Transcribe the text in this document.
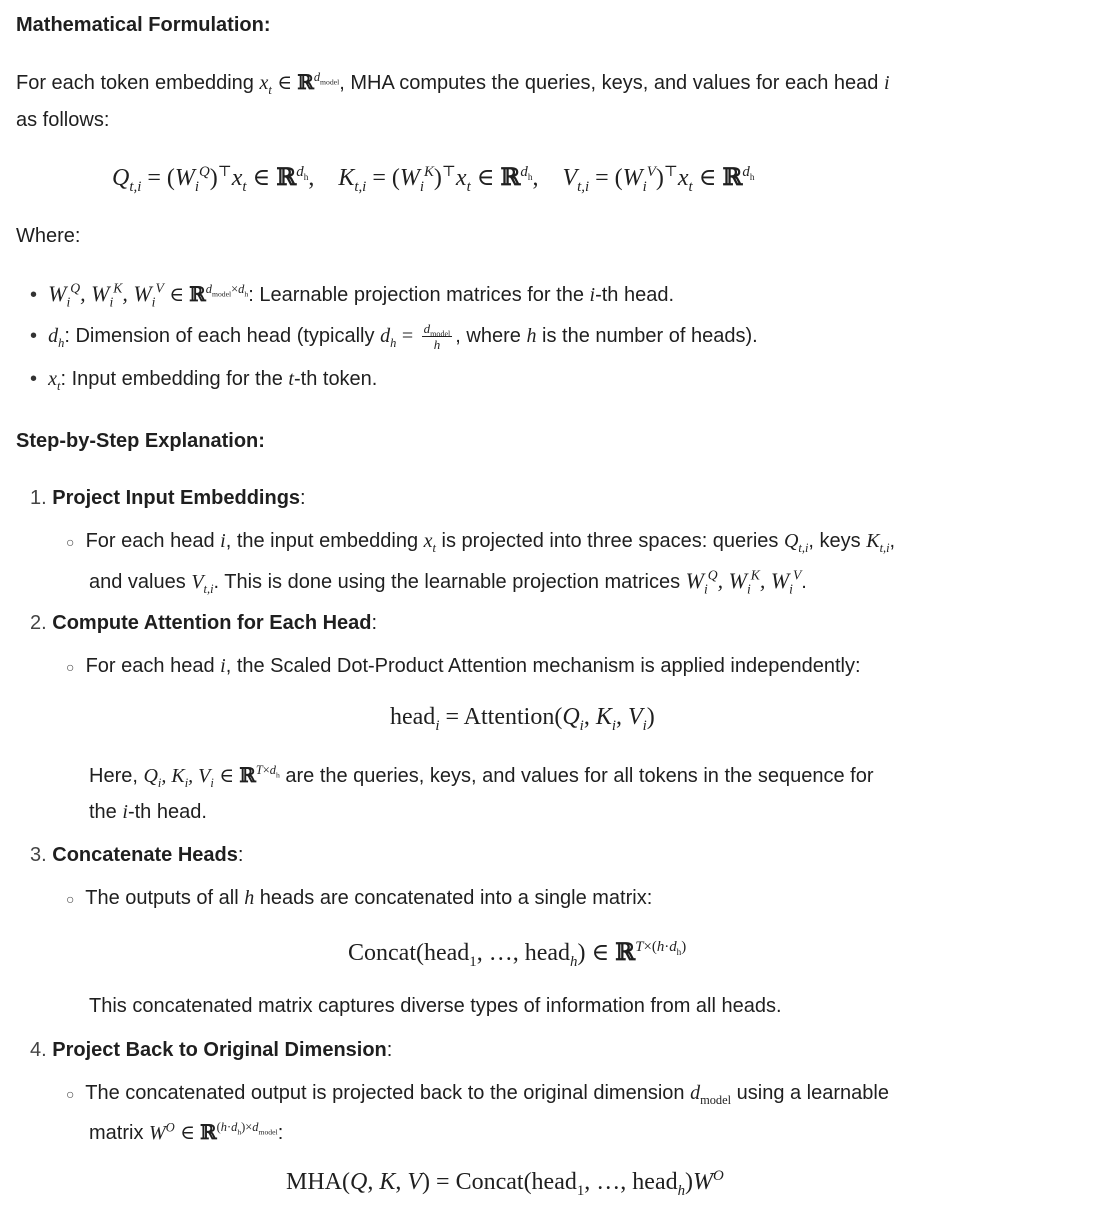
Mathematical Formulation:
For each token embedding $x_t$ ∈ ℝ$^{d_{model}}$, MHA computes the queries, keys, and values for each head i
as follows:
$Q_{t,i} = (W_i^Q)^⊤x_t$ ∈ ℝ$^{d_h}$,    $K_{t,i} = (W_i^K)^⊤x_t$ ∈ ℝ$^{d_h}$,    $V_{t,i} = (W_i^V)^⊤x_t$ ∈ ℝ$^{d_h}$
Where:
• $W_i^Q$, $W_i^K$, $W_i^V$ ∈ ℝ$^{d_{model}\times d_h}$: Learnable projection matrices for the i-th head.
• $d_h$: Dimension of each head (typically $d_h = \frac{d_{model}}{h}$ , where h is the number of heads).
• $x_t$: Input embedding for the t-th token.
Step-by-Step Explanation:
1. Project Input Embeddings:
○ For each head i, the input embedding $x_t$ is projected into three spaces: queries $Q_{t,i}$, keys $K_{t,i}$,
and values $V_{t,i}$. This is done using the learnable projection matrices $W_i^Q$, $W_i^K$, $W_i^V$.
2. Compute Attention for Each Head:
○ For each head i, the Scaled Dot-Product Attention mechanism is applied independently:
head$_i$ = $Attention(Q_i$, $K_i$, $V_i$)
Here, $Q_i$, $K_i$, $V_i$ ∈ ℝ$^{T\times d_h}$ are the queries, keys, and values for all tokens in the sequence for
the i-th head.
3. Concatenate Heads:
○ The outputs of all h heads are concatenated into a single matrix:
Concat(head$_1$, …, head$_h$) ∈ ℝ$^{T\times(h\cdot d_h)}$
This concatenated matrix captures diverse types of information from all heads.
4. Project Back to Original Dimension:
○ The concatenated output is projected back to the original dimension $d_{model}$ using a learnable
matrix $W^O$ ∈ ℝ$^{(h\cdot d_h)\times d_{model}}$:
MHA(Q, K, V) = Concat(head$_1$, …, $head_h)W^O$
